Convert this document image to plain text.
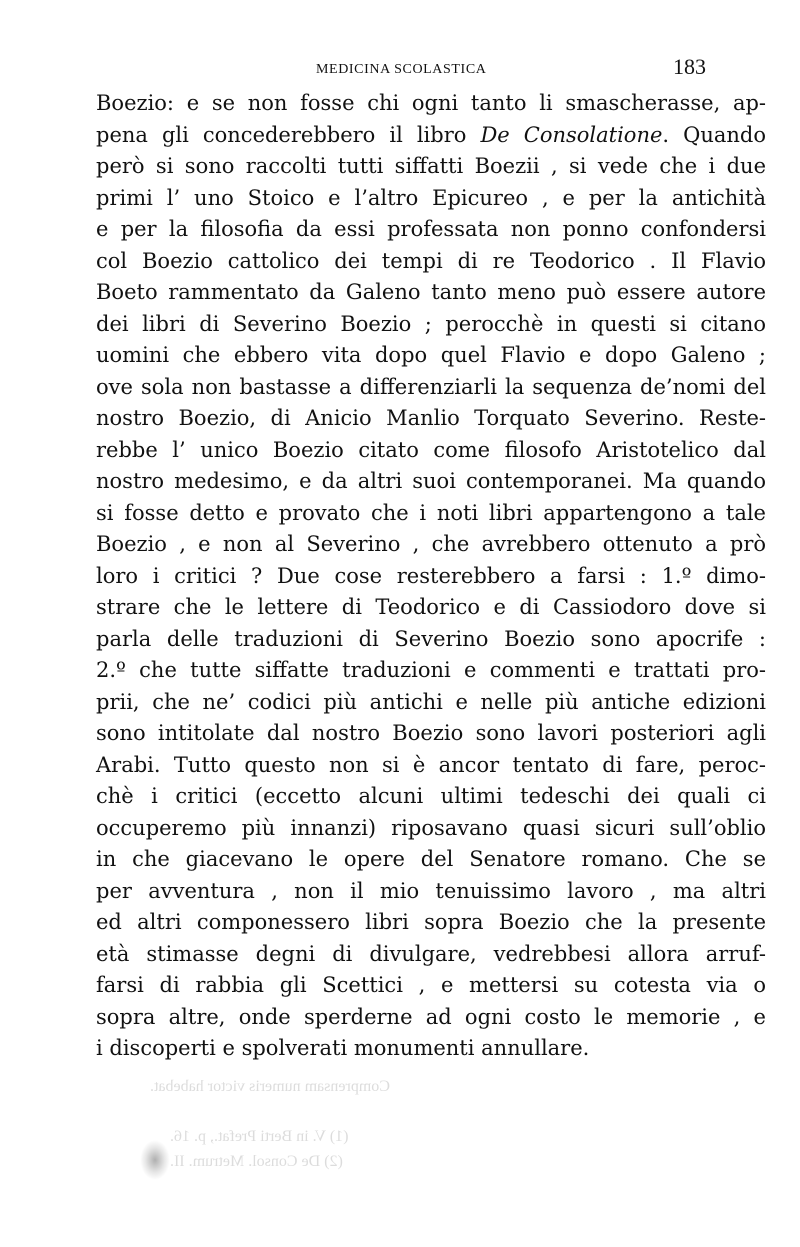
MEDICINA SCOLASTICA	183
Boezio: e se non fosse chi ogni tanto li smascherasse, ap-
pena gli concederebbero il libro De Consolatione. Quando
però si sono raccolti tutti siffatti Boezii , si vede che i due
primi l’ uno Stoico e l’altro Epicureo , e per la antichità
e per la filosofia da essi professata non ponno confondersi
col Boezio cattolico dei tempi di re Teodorico . Il Flavio
Boeto rammentato da Galeno tanto meno può essere autore
dei libri di Severino Boezio ; perocchè in questi si citano
uomini che ebbero vita dopo quel Flavio e dopo Galeno ;
ove sola non bastasse a differenziarli la sequenza de’nomi del
nostro Boezio, di Anicio Manlio Torquato Severino. Reste-
rebbe l’ unico Boezio citato come filosofo Aristotelico dal
nostro medesimo, e da altri suoi contemporanei. Ma quando
si fosse detto e provato che i noti libri appartengono a tale
Boezio , e non al Severino , che avrebbero ottenuto a prò
loro i critici ? Due cose resterebbero a farsi : 1.º dimo-
strare che le lettere di Teodorico e di Cassiodoro dove si
parla delle traduzioni di Severino Boezio sono apocrife :
2.º che tutte siffatte traduzioni e commenti e trattati pro-
prii, che ne’ codici più antichi e nelle più antiche edizioni
sono intitolate dal nostro Boezio sono lavori posteriori agli
Arabi. Tutto questo non si è ancor tentato di fare, peroc-
chè i critici (eccetto alcuni ultimi tedeschi dei quali ci
occuperemo più innanzi) riposavano quasi sicuri sull’oblio
in che giacevano le opere del Senatore romano. Che se
per avventura , non il mio tenuissimo lavoro , ma altri
ed altri componessero libri sopra Boezio che la presente
età stimasse degni di divulgare, vedrebbesi allora arruf-
farsi di rabbia gli Scettici , e mettersi su cotesta via o
sopra altre, onde sperderne ad ogni costo le memorie , e
i discoperti e spolverati monumenti annullare.
Comprensam numeris victor habebat.
(1) V. in Berti Prefat., p. 16.
(2) De Consol. Metrum. II.
